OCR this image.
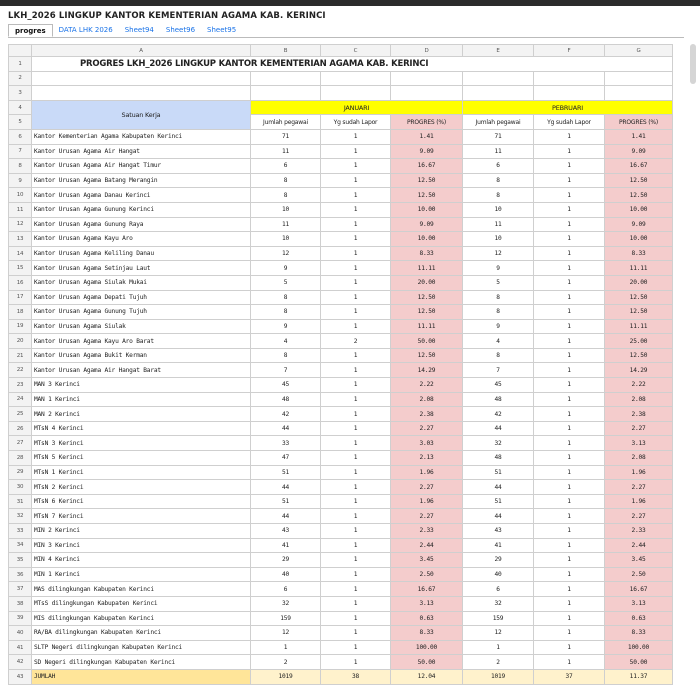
LKH_2026 LINGKUP KANTOR KEMENTERIAN AGAMA KAB. KERINCI
progres	DATA LHK 2026	Sheet94	Sheet96	Sheet95
	A	B	C	D	E	F	G
1	PROGRES LKH_2026 LINGKUP KANTOR KEMENTERIAN AGAMA KAB. KERINCI						
2							
3							
4	Satuan Kerja	JANUARI			PEBRUARI		
5		Jumlah pegawai	Yg sudah Lapor	PROGRES (%)	Jumlah pegawai	Yg sudah Lapor	PROGRES (%)
6	Kantor Kementerian Agama Kabupaten Kerinci	71	1	1.41	71	1	1.41
7	Kantor Urusan Agama Air Hangat	11	1	9.09	11	1	9.09
8	Kantor Urusan Agama Air Hangat Timur	6	1	16.67	6	1	16.67
9	Kantor Urusan Agama Batang Merangin	8	1	12.50	8	1	12.50
10	Kantor Urusan Agama Danau Kerinci	8	1	12.50	8	1	12.50
11	Kantor Urusan Agama Gunung Kerinci	10	1	10.00	10	1	10.00
12	Kantor Urusan Agama Gunung Raya	11	1	9.09	11	1	9.09
13	Kantor Urusan Agama Kayu Aro	10	1	10.00	10	1	10.00
14	Kantor Urusan Agama Keliling Danau	12	1	8.33	12	1	8.33
15	Kantor Urusan Agama Setinjau Laut	9	1	11.11	9	1	11.11
16	Kantor Urusan Agama Siulak Mukai	5	1	20.00	5	1	20.00
17	Kantor Urusan Agama Depati Tujuh	8	1	12.50	8	1	12.50
18	Kantor Urusan Agama Gunung Tujuh	8	1	12.50	8	1	12.50
19	Kantor Urusan Agama Siulak	9	1	11.11	9	1	11.11
20	Kantor Urusan Agama Kayu Aro Barat	4	2	50.00	4	1	25.00
21	Kantor Urusan Agama Bukit Kerman	8	1	12.50	8	1	12.50
22	Kantor Urusan Agama Air Hangat Barat	7	1	14.29	7	1	14.29
23	MAN 3 Kerinci	45	1	2.22	45	1	2.22
24	MAN 1 Kerinci	48	1	2.08	48	1	2.08
25	MAN 2 Kerinci	42	1	2.38	42	1	2.38
26	MTsN 4 Kerinci	44	1	2.27	44	1	2.27
27	MTsN 3 Kerinci	33	1	3.03	32	1	3.13
28	MTsN 5 Kerinci	47	1	2.13	48	1	2.08
29	MTsN 1 Kerinci	51	1	1.96	51	1	1.96
30	MTsN 2 Kerinci	44	1	2.27	44	1	2.27
31	MTsN 6 Kerinci	51	1	1.96	51	1	1.96
32	MTsN 7 Kerinci	44	1	2.27	44	1	2.27
33	MIN 2 Kerinci	43	1	2.33	43	1	2.33
34	MIN 3 Kerinci	41	1	2.44	41	1	2.44
35	MIN 4 Kerinci	29	1	3.45	29	1	3.45
36	MIN 1 Kerinci	40	1	2.50	40	1	2.50
37	MAS dilingkungan Kabupaten Kerinci	6	1	16.67	6	1	16.67
38	MTsS dilingkungan Kabupaten Kerinci	32	1	3.13	32	1	3.13
39	MIS dilingkungan Kabupaten Kerinci	159	1	0.63	159	1	0.63
40	RA/BA dilingkungan Kabupaten Kerinci	12	1	8.33	12	1	8.33
41	SLTP Negeri dilingkungan Kabupaten Kerinci	1	1	100.00	1	1	100.00
42	SD Negeri dilingkungan Kabupaten Kerinci	2	1	50.00	2	1	50.00
43	JUMLAH	1019	38	12.04	1019	37	11.37
